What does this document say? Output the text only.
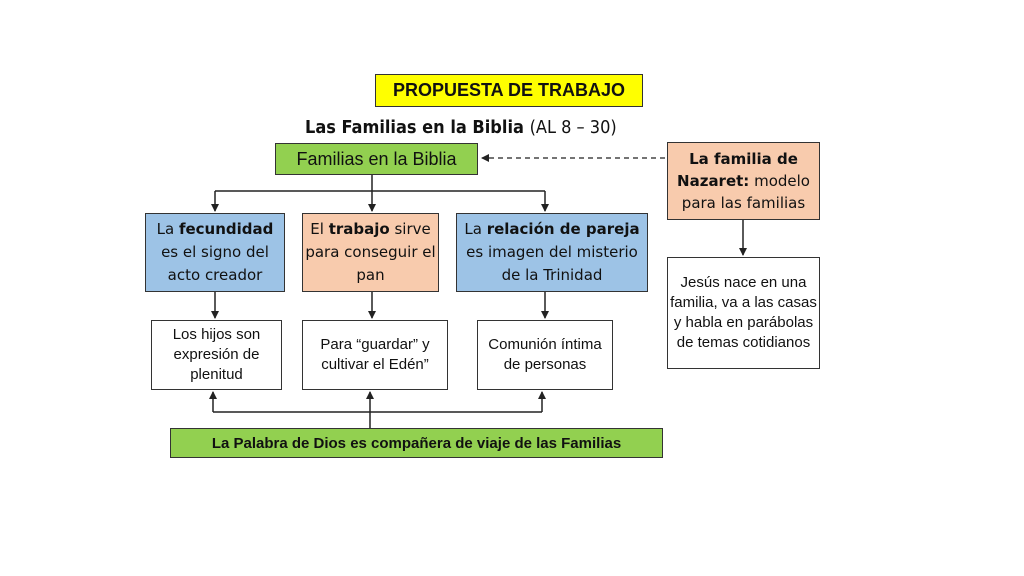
PROPUESTA DE TRABAJO
Las Familias en la Biblia (AL 8 – 30)
Familias en la Biblia	La familia de Nazaret: modelo para las familias
La fecundidad es el signo del acto creador
El trabajo sirve para conseguir el pan
La relación de pareja es imagen del misterio de la Trinidad
Los hijos son expresión de plenitud
Para “guardar” y cultivar el Edén”
Comunión íntima de personas
Jesús nace en una familia, va a las casas y habla en parábolas de temas cotidianos
La Palabra de Dios es compañera de viaje de las Familias
